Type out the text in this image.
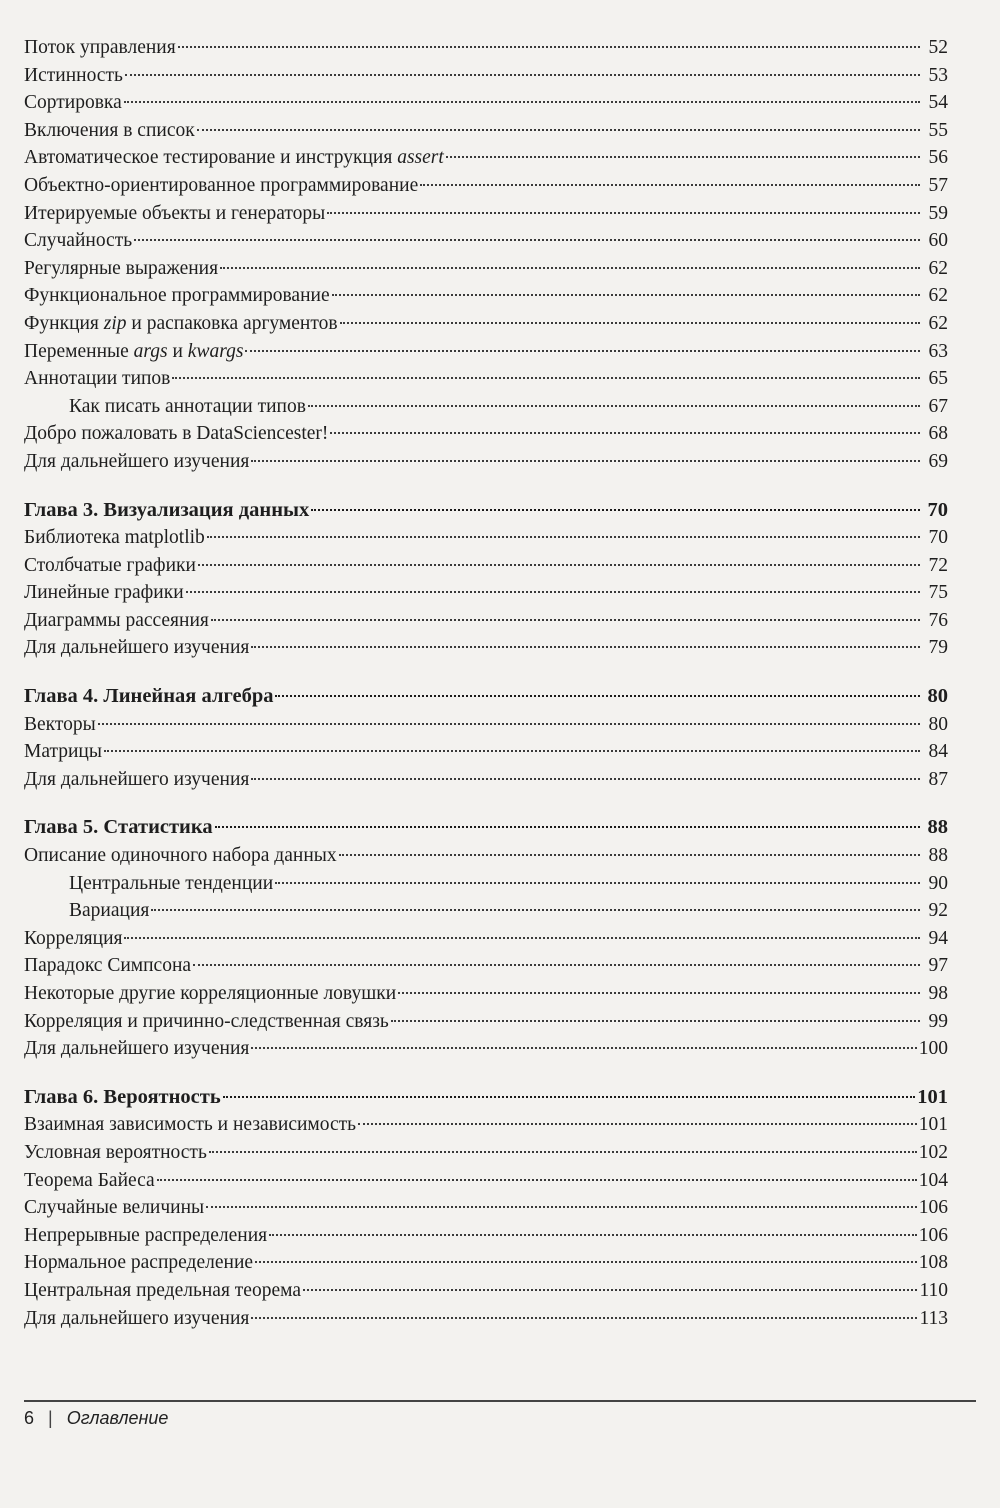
Поток управления	52
Истинность	53
Сортировка	54
Включения в список	55
Автоматическое тестирование и инструкция assert	56
Объектно-ориентированное программирование	57
Итерируемые объекты и генераторы	59
Случайность	60
Регулярные выражения	62
Функциональное программирование	62
Функция zip и распаковка аргументов	62
Переменные args и kwargs	63
Аннотации типов	65
Как писать аннотации типов	67
Добро пожаловать в DataSciencester!	68
Для дальнейшего изучения	69
Глава 3. Визуализация данных	70
Библиотека matplotlib	70
Столбчатые графики	72
Линейные графики	75
Диаграммы рассеяния	76
Для дальнейшего изучения	79
Глава 4. Линейная алгебра	80
Векторы	80
Матрицы	84
Для дальнейшего изучения	87
Глава 5. Статистика	88
Описание одиночного набора данных	88
Центральные тенденции	90
Вариация	92
Корреляция	94
Парадокс Симпсона	97
Некоторые другие корреляционные ловушки	98
Корреляция и причинно-следственная связь	99
Для дальнейшего изучения	100
Глава 6. Вероятность	101
Взаимная зависимость и независимость	101
Условная вероятность	102
Теорема Байеса	104
Случайные величины	106
Непрерывные распределения	106
Нормальное распределение	108
Центральная предельная теорема	110
Для дальнейшего изучения	113
6 | Оглавление
